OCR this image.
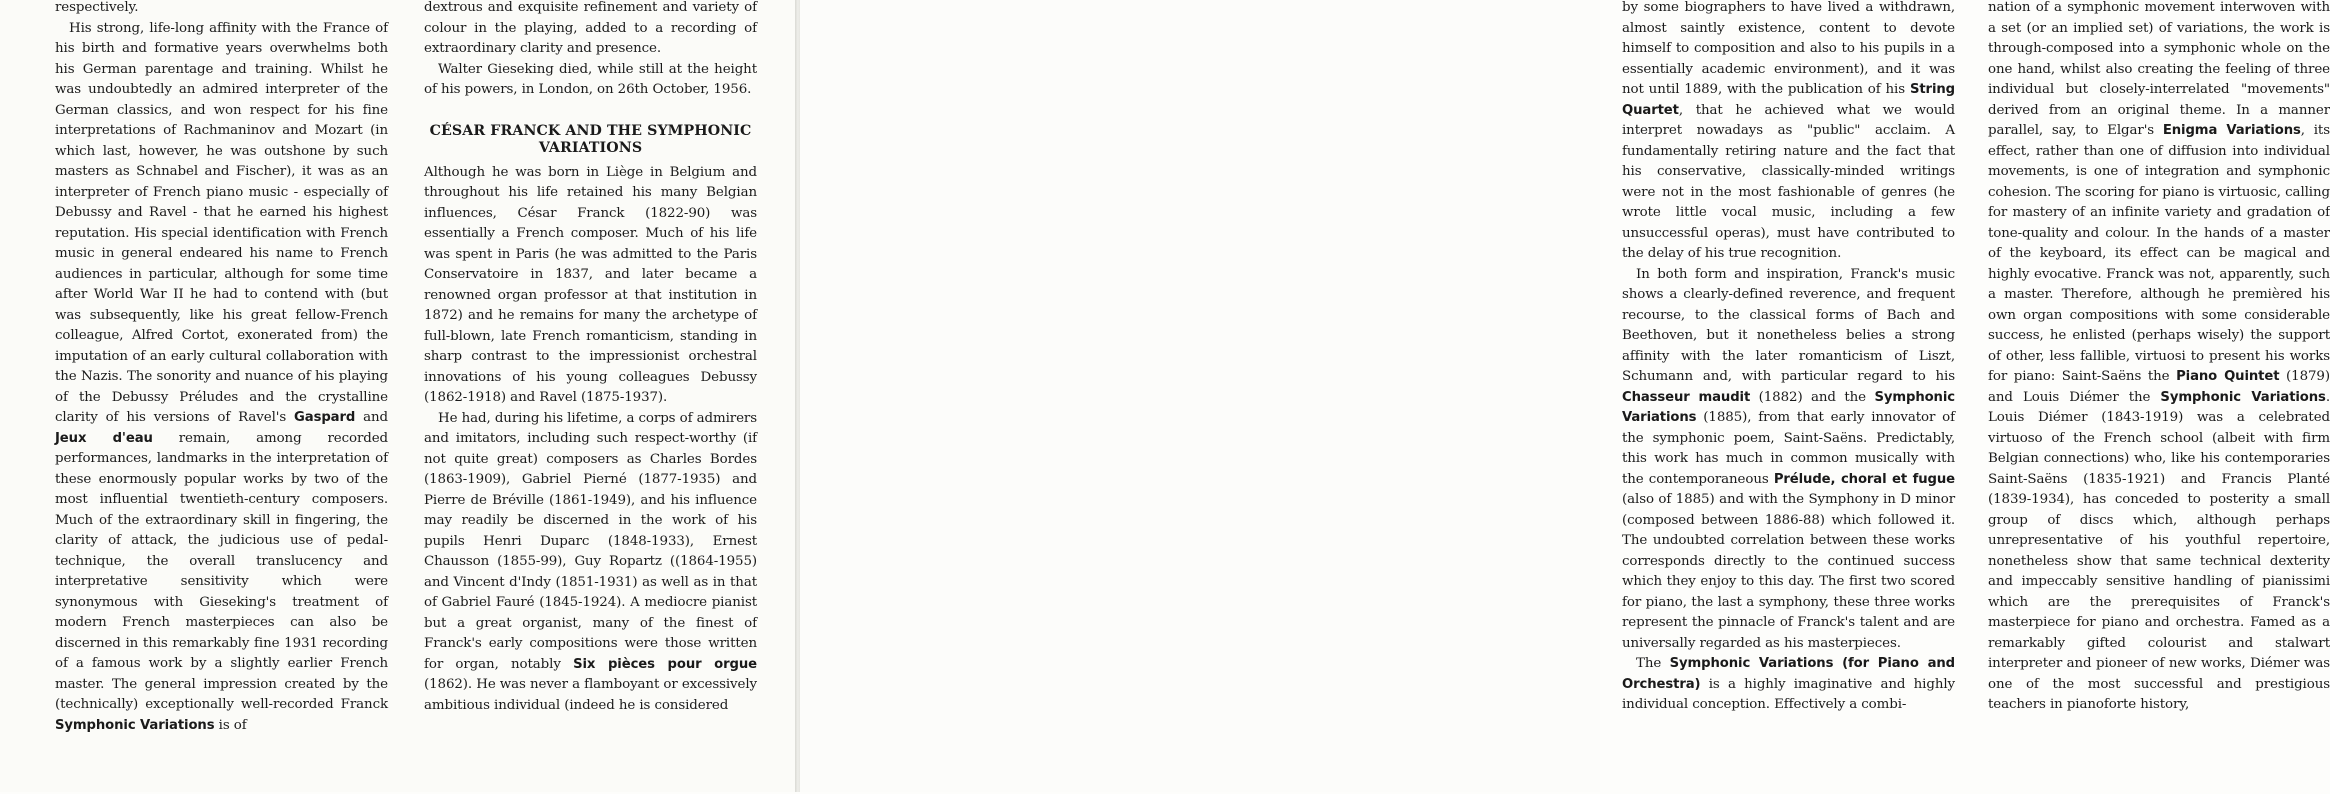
respectively.

His strong, life-long affinity with the France of his birth and formative years overwhelms both his German parentage and training. Whilst he was undoubtedly an admired interpreter of the German classics, and won respect for his fine interpretations of Rachmaninov and Mozart (in which last, however, he was outshone by such masters as Schnabel and Fischer), it was as an interpreter of French piano music - especially of Debussy and Ravel - that he earned his highest reputation. His special identification with French music in general endeared his name to French audiences in particular, although for some time after World War II he had to contend with (but was subsequently, like his great fellow-French colleague, Alfred Cortot, exonerated from) the imputation of an early cultural collaboration with the Nazis. The sonority and nuance of his playing of the Debussy Préludes and the crystalline clarity of his versions of Ravel's Gaspard and Jeux d'eau remain, among recorded performances, landmarks in the interpretation of these enormously popular works by two of the most influential twentieth-century composers. Much of the extraordinary skill in fingering, the clarity of attack, the judicious use of pedal-technique, the overall translucency and interpretative sensitivity which were synonymous with Gieseking's treatment of modern French masterpieces can also be discerned in this remarkably fine 1931 recording of a famous work by a slightly earlier French master. The general impression created by the (technically) exceptionally well-recorded Franck Symphonic Variations is of

dextrous and exquisite refinement and variety of colour in the playing, added to a recording of extraordinary clarity and presence.

Walter Gieseking died, while still at the height of his powers, in London, on 26th October, 1956.

CÉSAR FRANCK AND THE SYMPHONIC VARIATIONS

Although he was born in Liège in Belgium and throughout his life retained his many Belgian influences, César Franck (1822-90) was essentially a French composer. Much of his life was spent in Paris (he was admitted to the Paris Conservatoire in 1837, and later became a renowned organ professor at that institution in 1872) and he remains for many the archetype of full-blown, late French romanticism, standing in sharp contrast to the impressionist orchestral innovations of his young colleagues Debussy (1862-1918) and Ravel (1875-1937).

He had, during his lifetime, a corps of admirers and imitators, including such respect-worthy (if not quite great) composers as Charles Bordes (1863-1909), Gabriel Pierné (1877-1935) and Pierre de Bréville (1861-1949), and his influence may readily be discerned in the work of his pupils Henri Duparc (1848-1933), Ernest Chausson (1855-99), Guy Ropartz ((1864-1955) and Vincent d'Indy (1851-1931) as well as in that of Gabriel Fauré (1845-1924). A mediocre pianist but a great organist, many of the finest of Franck's early compositions were those written for organ, notably Six pièces pour orgue (1862). He was never a flamboyant or excessively ambitious individual (indeed he is considered

by some biographers to have lived a withdrawn, almost saintly existence, content to devote himself to composition and also to his pupils in a essentially academic environment), and it was not until 1889, with the publication of his String Quartet, that he achieved what we would interpret nowadays as "public" acclaim. A fundamentally retiring nature and the fact that his conservative, classically-minded writings were not in the most fashionable of genres (he wrote little vocal music, including a few unsuccessful operas), must have contributed to the delay of his true recognition.

In both form and inspiration, Franck's music shows a clearly-defined reverence, and frequent recourse, to the classical forms of Bach and Beethoven, but it nonetheless belies a strong affinity with the later romanticism of Liszt, Schumann and, with particular regard to his Chasseur maudit (1882) and the Symphonic Variations (1885), from that early innovator of the symphonic poem, Saint-Saëns. Predictably, this work has much in common musically with the contemporaneous Prélude, choral et fugue (also of 1885) and with the Symphony in D minor (composed between 1886-88) which followed it. The undoubted correlation between these works corresponds directly to the continued success which they enjoy to this day. The first two scored for piano, the last a symphony, these three works represent the pinnacle of Franck's talent and are universally regarded as his masterpieces.

The Symphonic Variations (for Piano and Orchestra) is a highly imaginative and highly individual conception. Effectively a combi-

nation of a symphonic movement interwoven with a set (or an implied set) of variations, the work is through-composed into a symphonic whole on the one hand, whilst also creating the feeling of three individual but closely-interrelated "movements" derived from an original theme. In a manner parallel, say, to Elgar's Enigma Variations, its effect, rather than one of diffusion into individual movements, is one of integration and symphonic cohesion. The scoring for piano is virtuosic, calling for mastery of an infinite variety and gradation of tone-quality and colour. In the hands of a master of the keyboard, its effect can be magical and highly evocative. Franck was not, apparently, such a master. Therefore, although he premièred his own organ compositions with some considerable success, he enlisted (perhaps wisely) the support of other, less fallible, virtuosi to present his works for piano: Saint-Saëns the Piano Quintet (1879) and Louis Diémer the Symphonic Variations. Louis Diémer (1843-1919) was a celebrated virtuoso of the French school (albeit with firm Belgian connections) who, like his contemporaries Saint-Saëns (1835-1921) and Francis Planté (1839-1934), has conceded to posterity a small group of discs which, although perhaps unrepresentative of his youthful repertoire, nonetheless show that same technical dexterity and impeccably sensitive handling of pianissimi which are the prerequisites of Franck's masterpiece for piano and orchestra. Famed as a remarkably gifted colourist and stalwart interpreter and pioneer of new works, Diémer was one of the most successful and prestigious teachers in pianoforte history,
